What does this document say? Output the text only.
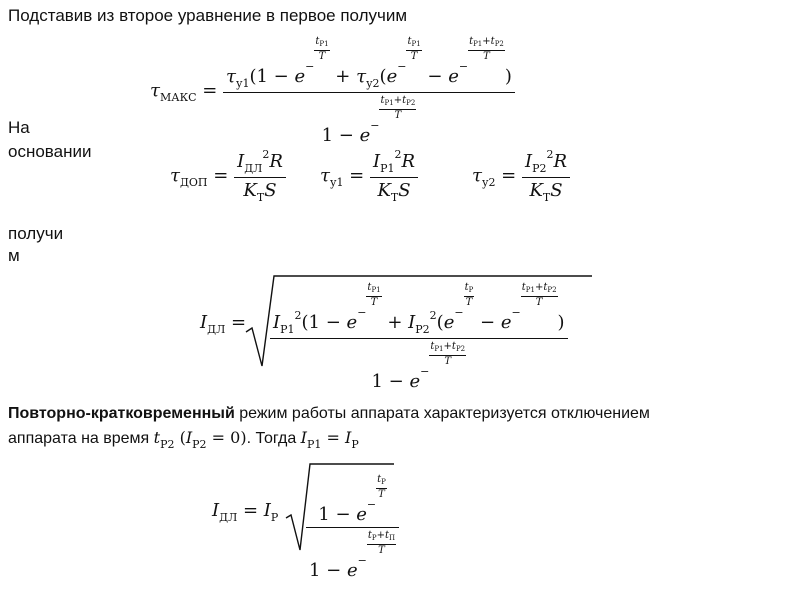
Подставив из второе уравнение в первое получим
$\tau_{МАКС} = \tau_{у1}(1 - e-$
$\frac{t_{Р1}}{T}$
+ $\tau_{у2}(e-$
$\frac{t_{Р1}}{T}$
− e−
$\frac{t_{Р1}+t_{Р2}}{T}$
)
1 − e−
$\frac{t_{Р1}+t_{Р2}}{T}$
На
основании
$\tau_{ДОП} = \frac{I_{ДЛ}^2R}{K_ТS} \tau_{у1} = \frac{I_{Р1}^2R}{K_ТS}$	$\tau_{у2} = \frac{I_{Р2}^2R}{K_ТS}$
получи
м
$I_{ДЛ} = I_{Р1}^2(1 - e-$
$\frac{t_{Р1}}{T}$
+ $I_{Р2}^2(e-$
$\frac{t_Р}{T}$
− e−
$\frac{t_{Р1}+t_{Р2}}{T}$
)
1 − e−
$\frac{t_{Р1}+t_{Р2}}{T}$
Повторно-кратковременный режим работы аппарата характеризуется отключением
аппарата на время $t_{Р2}$ $(I_{Р2} = 0)$. Тогда $I_{Р1} = I_Р$
$I_{ДЛ} = I_Р$ 1 − e−
$\frac{t_Р}{T}$
1 − e−
$\frac{t_Р+t_П}{T}$
